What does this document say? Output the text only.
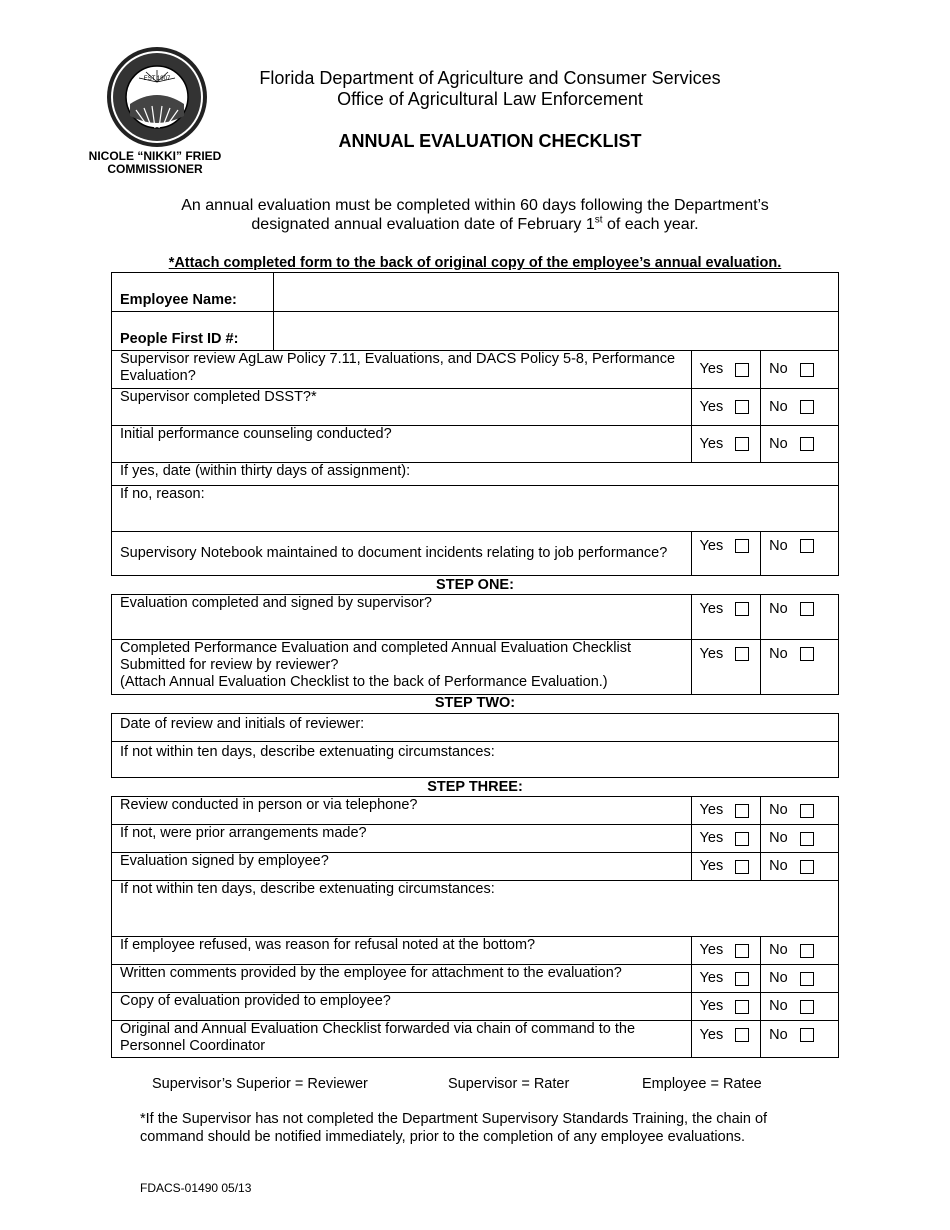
EST 1907
NICOLE “NIKKI” FRIED
COMMISSIONER
Florida Department of Agriculture and Consumer Services
Office of Agricultural Law Enforcement
ANNUAL EVALUATION CHECKLIST
An annual evaluation must be completed within 60 days following the Department’s
designated annual evaluation date of February 1st of each year.
*Attach completed form to the back of original copy of the employee’s annual evaluation.
Employee Name:	
People First ID #:	
Supervisor review AgLaw Policy 7.11, Evaluations, and DACS Policy 5-8, Performance Evaluation?	Yes	No

Supervisor completed DSST?*	Yes	No

Initial performance counseling conducted?	Yes	No

If yes, date (within thirty days of assignment):		
If no, reason:		
Supervisory Notebook maintained to document incidents relating to job performance?	Yes	No
STEP ONE:
Evaluation completed and signed by supervisor?	Yes	No

Completed Performance Evaluation and completed Annual Evaluation Checklist
Submitted for review by reviewer?
(Attach Annual Evaluation Checklist to the back of Performance Evaluation.)	Yes	No
STEP TWO:
Date of review and initials of reviewer:
If not within ten days, describe extenuating circumstances:
STEP THREE:
Review conducted in person or via telephone?	Yes	No

If not, were prior arrangements made?	Yes	No

Evaluation signed by employee?	Yes	No

If not within ten days, describe extenuating circumstances:		
If employee refused, was reason for refusal noted at the bottom?	Yes	No

Written comments provided by the employee for attachment to the evaluation?	Yes	No

Copy of evaluation provided to employee?	Yes	No

Original and Annual Evaluation Checklist forwarded via chain of command to the Personnel Coordinator	Yes	No
Supervisor’s Superior = Reviewer	Supervisor = Rater	Employee = Ratee
*If the Supervisor has not completed the Department Supervisory Standards Training, the chain of command should be notified immediately, prior to the completion of any employee evaluations.
FDACS-01490 05/13
